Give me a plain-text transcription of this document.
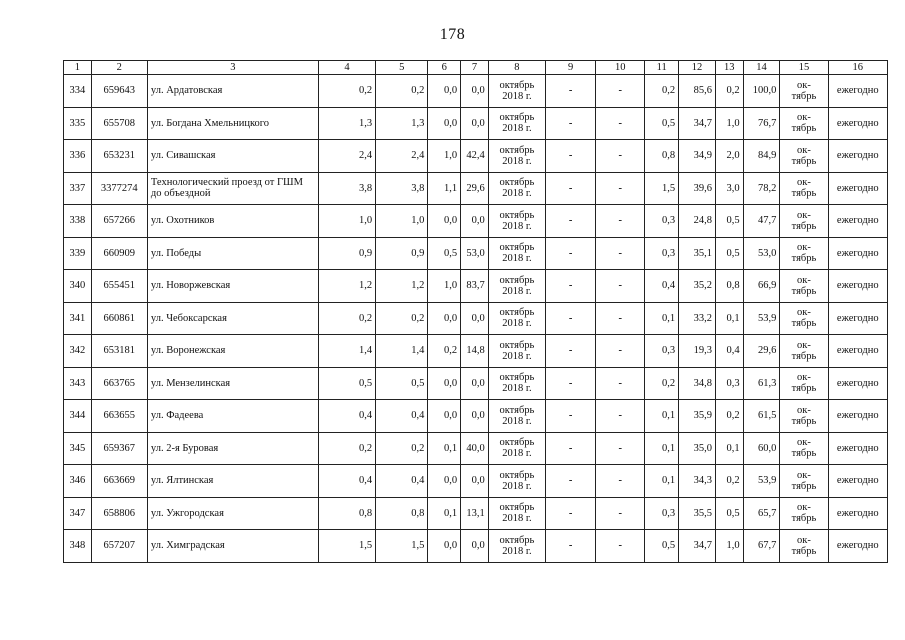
178
1	2	3	4	5	6	7	8	9	10	11	12	13	14	15	16
334	659643	ул. Ардатовская	0,2	0,2	0,0	0,0	октябрь 2018 г.	-	-	0,2	85,6	0,2	100,0	ок- тябрь	ежегодно
335	655708	ул. Богдана Хмельницкого	1,3	1,3	0,0	0,0	октябрь 2018 г.	-	-	0,5	34,7	1,0	76,7	ок- тябрь	ежегодно
336	653231	ул. Сивашская	2,4	2,4	1,0	42,4	октябрь 2018 г.	-	-	0,8	34,9	2,0	84,9	ок- тябрь	ежегодно
337	3377274	Технологический проезд от ГШМ до объездной	3,8	3,8	1,1	29,6	октябрь 2018 г.	-	-	1,5	39,6	3,0	78,2	ок- тябрь	ежегодно
338	657266	ул. Охотников	1,0	1,0	0,0	0,0	октябрь 2018 г.	-	-	0,3	24,8	0,5	47,7	ок- тябрь	ежегодно
339	660909	ул. Победы	0,9	0,9	0,5	53,0	октябрь 2018 г.	-	-	0,3	35,1	0,5	53,0	ок- тябрь	ежегодно
340	655451	ул. Новоржевская	1,2	1,2	1,0	83,7	октябрь 2018 г.	-	-	0,4	35,2	0,8	66,9	ок- тябрь	ежегодно
341	660861	ул. Чебоксарская	0,2	0,2	0,0	0,0	октябрь 2018 г.	-	-	0,1	33,2	0,1	53,9	ок- тябрь	ежегодно
342	653181	ул. Воронежская	1,4	1,4	0,2	14,8	октябрь 2018 г.	-	-	0,3	19,3	0,4	29,6	ок- тябрь	ежегодно
343	663765	ул. Мензелинская	0,5	0,5	0,0	0,0	октябрь 2018 г.	-	-	0,2	34,8	0,3	61,3	ок- тябрь	ежегодно
344	663655	ул. Фадеева	0,4	0,4	0,0	0,0	октябрь 2018 г.	-	-	0,1	35,9	0,2	61,5	ок- тябрь	ежегодно
345	659367	ул. 2-я Буровая	0,2	0,2	0,1	40,0	октябрь 2018 г.	-	-	0,1	35,0	0,1	60,0	ок- тябрь	ежегодно
346	663669	ул. Ялтинская	0,4	0,4	0,0	0,0	октябрь 2018 г.	-	-	0,1	34,3	0,2	53,9	ок- тябрь	ежегодно
347	658806	ул. Ужгородская	0,8	0,8	0,1	13,1	октябрь 2018 г.	-	-	0,3	35,5	0,5	65,7	ок- тябрь	ежегодно
348	657207	ул. Химградская	1,5	1,5	0,0	0,0	октябрь 2018 г.	-	-	0,5	34,7	1,0	67,7	ок- тябрь	ежегодно
